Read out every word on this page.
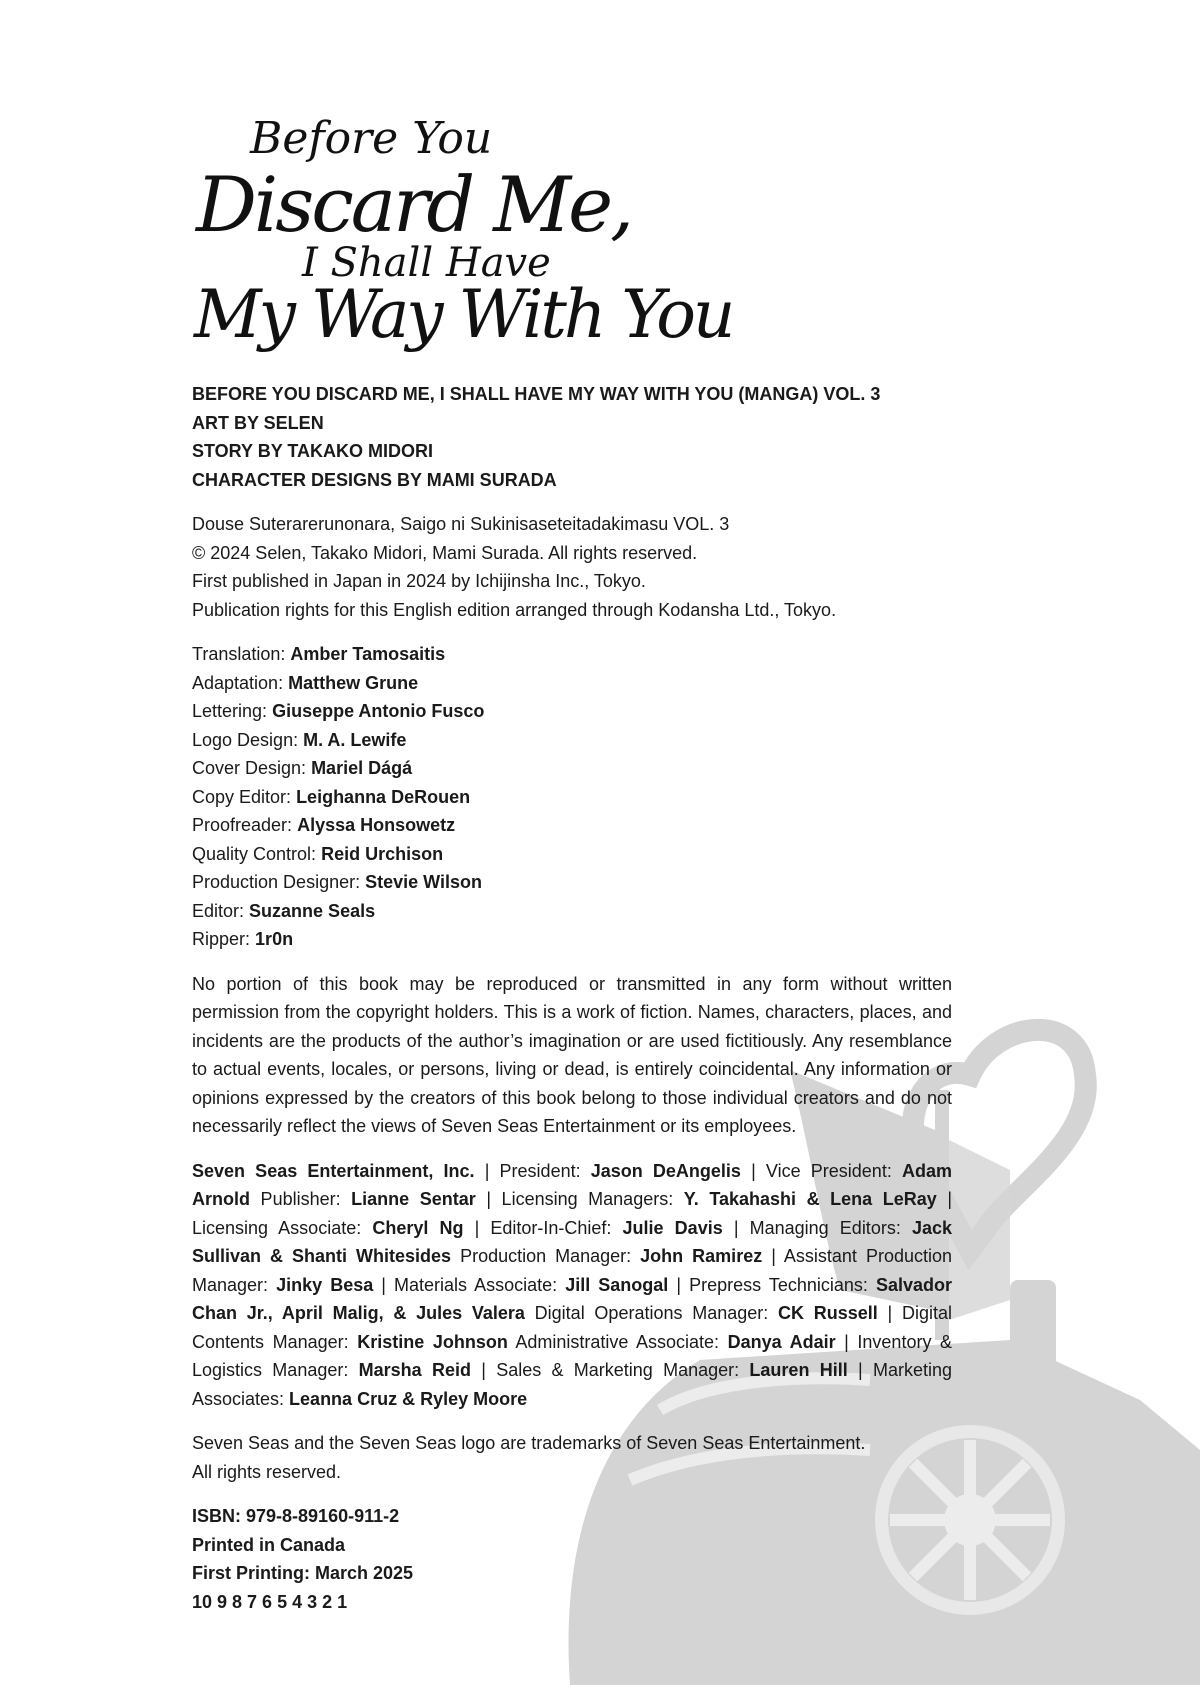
Before You
Discard Me,
I Shall Have
My Way With You
BEFORE YOU DISCARD ME, I SHALL HAVE MY WAY WITH YOU (MANGA) VOL. 3
ART BY SELEN
STORY BY TAKAKO MIDORI
CHARACTER DESIGNS BY MAMI SURADA
Douse Suterarerunonara, Saigo ni Sukinisaseteitadakimasu VOL. 3
© 2024 Selen, Takako Midori, Mami Surada. All rights reserved.
First published in Japan in 2024 by Ichijinsha Inc., Tokyo.
Publication rights for this English edition arranged through Kodansha Ltd., Tokyo.
Translation: Amber Tamosaitis
Adaptation: Matthew Grune
Lettering: Giuseppe Antonio Fusco
Logo Design: M. A. Lewife
Cover Design: Mariel Dágá
Copy Editor: Leighanna DeRouen
Proofreader: Alyssa Honsowetz
Quality Control: Reid Urchison
Production Designer: Stevie Wilson
Editor: Suzanne Seals
Ripper: 1r0n
No portion of this book may be reproduced or transmitted in any form without written permission from the copyright holders. This is a work of fiction. Names, characters, places, and incidents are the products of the author’s imagination or are used fictitiously. Any resemblance to actual events, locales, or persons, living or dead, is entirely coincidental. Any information or opinions expressed by the creators of this book belong to those individual creators and do not necessarily reflect the views of Seven Seas Entertainment or its employees.
Seven Seas Entertainment, Inc. | President: Jason DeAngelis | Vice President: Adam Arnold Publisher: Lianne Sentar | Licensing Managers: Y. Takahashi & Lena LeRay | Licensing Associate: Cheryl Ng | Editor-In-Chief: Julie Davis | Managing Editors: Jack Sullivan & Shanti Whitesides Production Manager: John Ramirez | Assistant Production Manager: Jinky Besa | Materials Associate: Jill Sanogal | Prepress Technicians: Salvador Chan Jr., April Malig, & Jules Valera Digital Operations Manager: CK Russell | Digital Contents Manager: Kristine Johnson Administrative Associate: Danya Adair | Inventory & Logistics Manager: Marsha Reid | Sales & Marketing Manager: Lauren Hill | Marketing Associates: Leanna Cruz & Ryley Moore
Seven Seas and the Seven Seas logo are trademarks of Seven Seas Entertainment.
All rights reserved.
ISBN: 979-8-89160-911-2
Printed in Canada
First Printing: March 2025
10 9 8 7 6 5 4 3 2 1
